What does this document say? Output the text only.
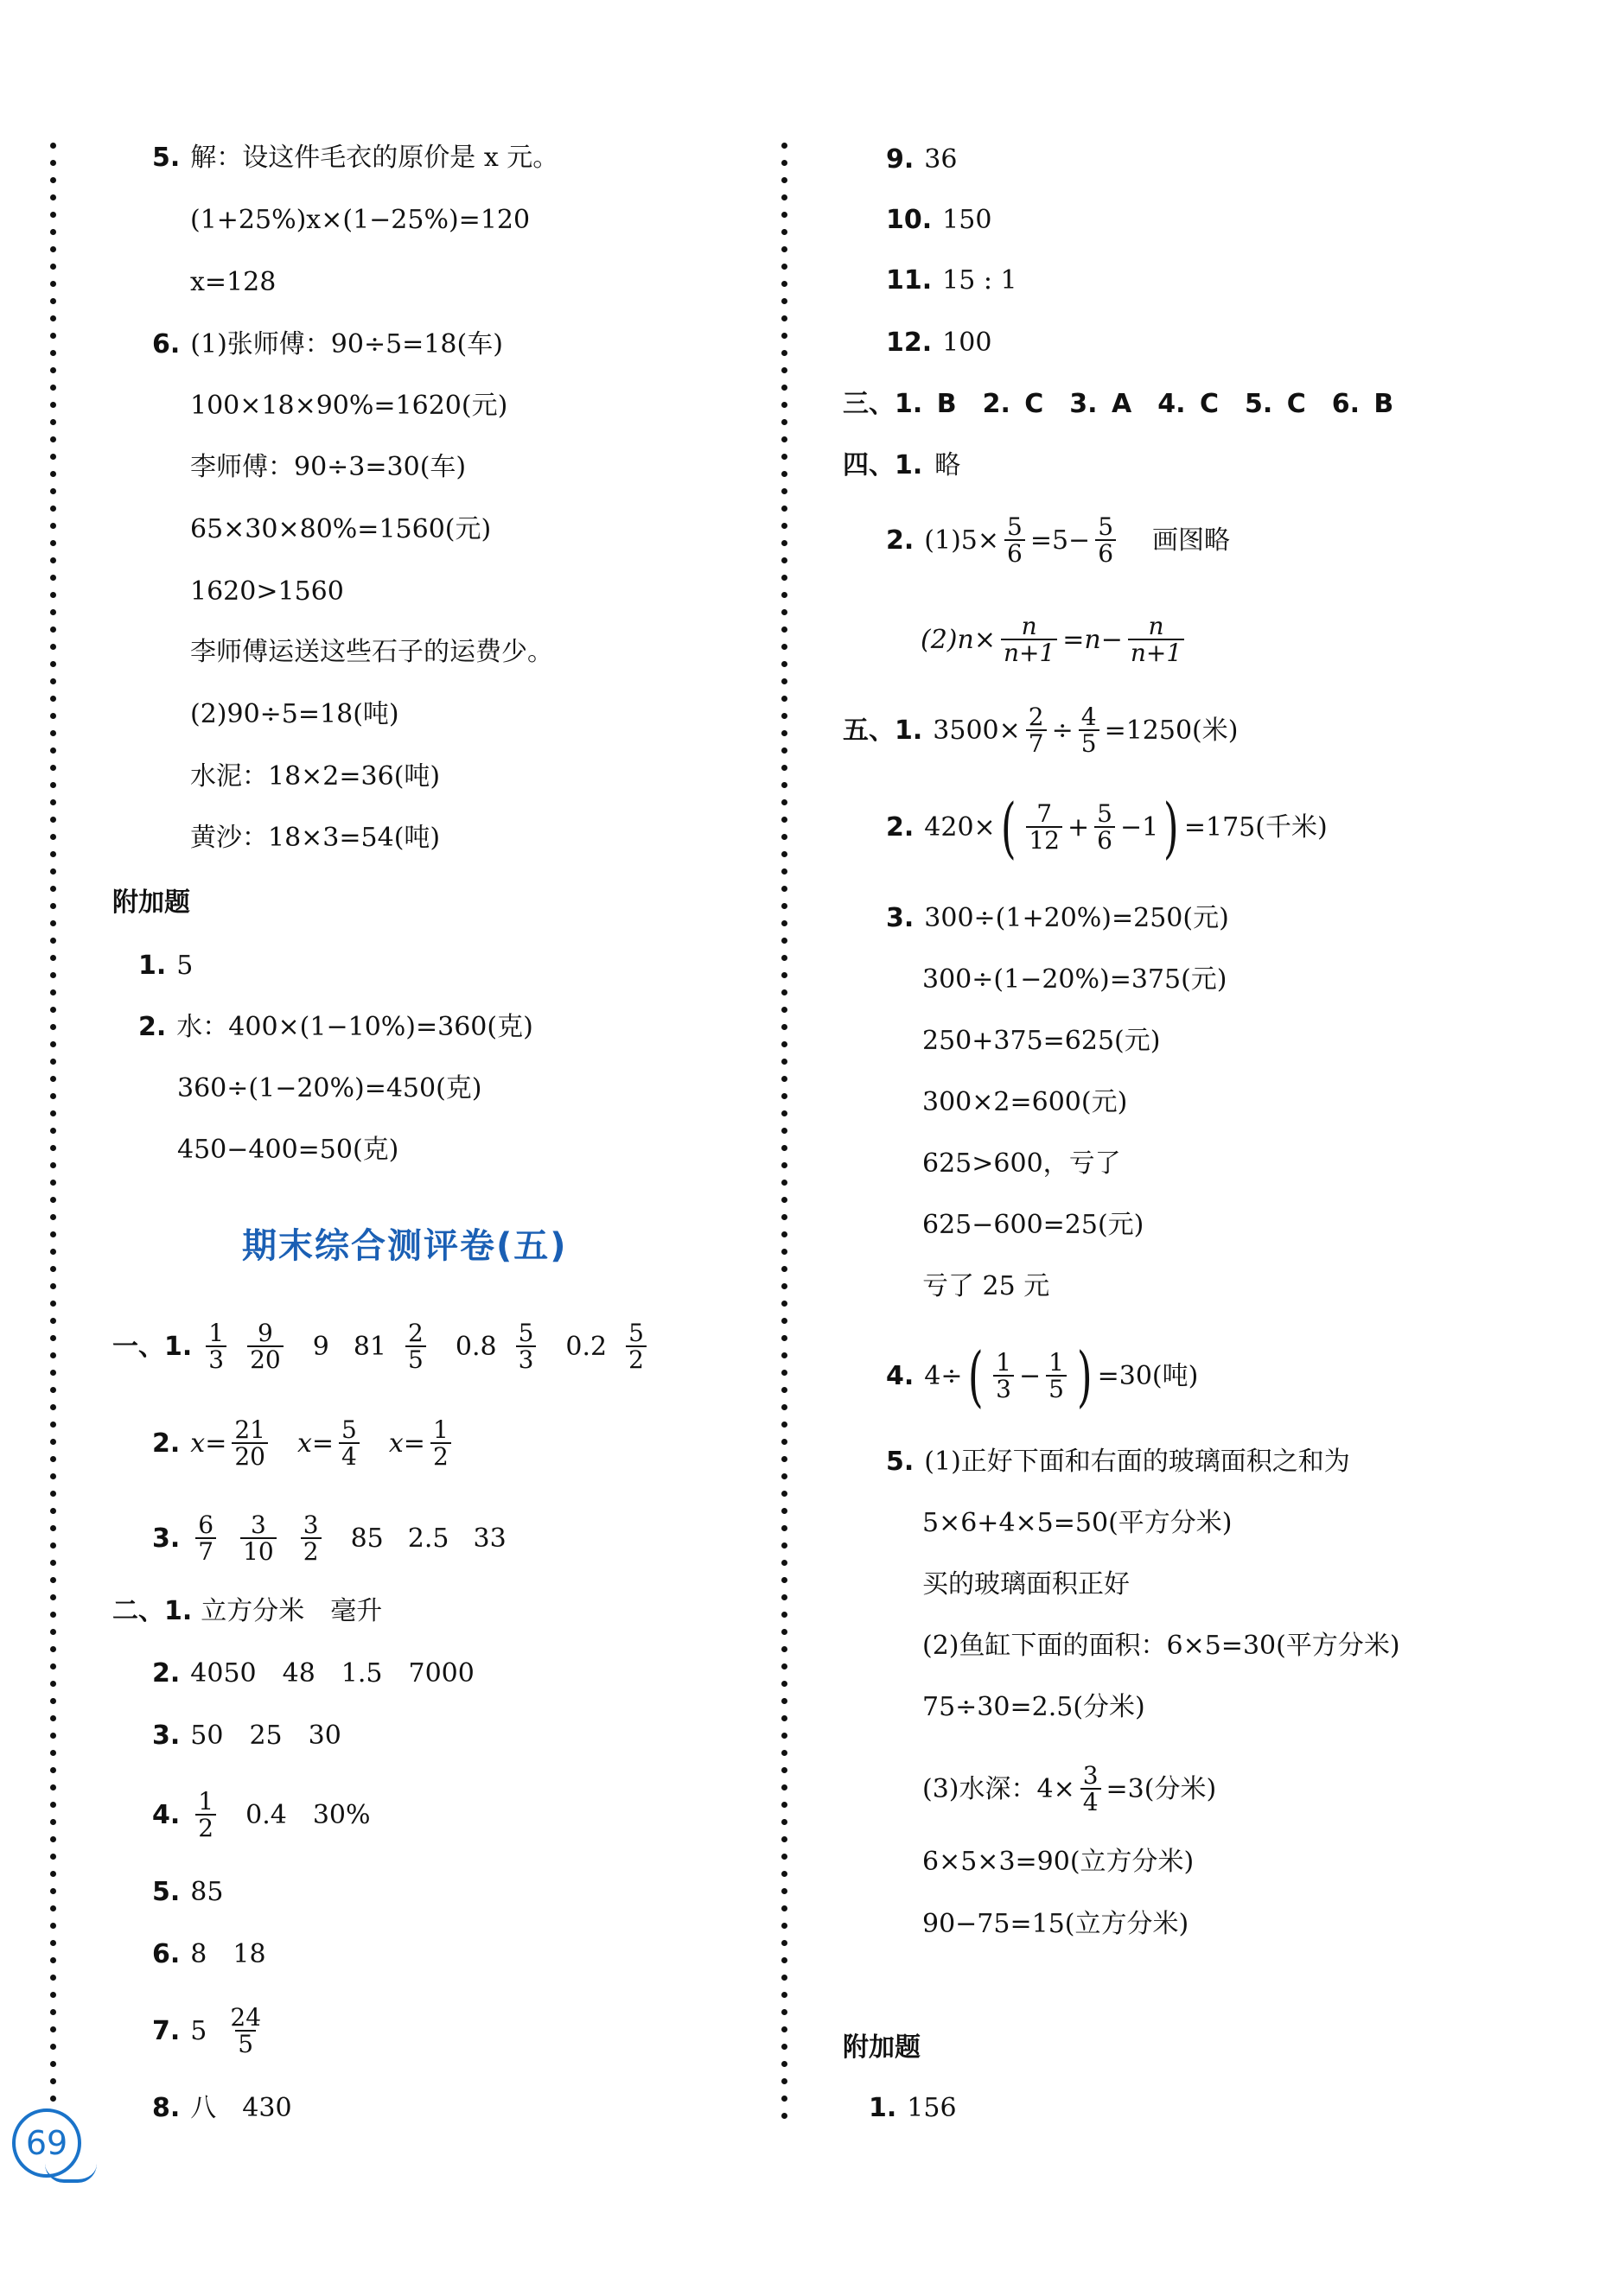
5. 解：设这件毛衣的原价是 x 元。
(1+25%)x×(1−25%)=120
x=128
6. (1)张师傅：90÷5=18(车)
100×18×90%=1620(元)
李师傅：90÷3=30(车)
65×30×80%=1560(元)
1620>1560
李师傅运送这些石子的运费少。
(2)90÷5=18(吨)
水泥：18×2=36(吨)
黄沙：18×3=54(吨)
附加题
1. 5
2. 水：400×(1−10%)=360(克)
360÷(1−20%)=450(克)
450−400=50(克)
一、1. $\frac{1}{3} \frac{9}{20} 9$ $81 \frac{2}{5} 0.8 \frac{5}{3} 0.2 \frac{5}{2}$
2. $x= \frac{21}{20} x= \frac{5}{4} x= \frac{1}{2}$
3. $\frac{6}{7} \frac{3}{10} \frac{3}{2} 85$ 2.5 33
二、1. 立方分米　毫升
2. 4050　48　1.5　7000
3. 50　25　30
4. $\frac{1}{2} 0.4$　30%
5. 85
6. 8　18
7. $5 \frac{24}{5}$
8. 八　430
期末综合测评卷(五)
9. 36
10. 150
11. 15 : 1
12. 100
三、1. B　2. C　3. A　4. C　5. C　6. B
四、1. 略
2. $(1)5\times \frac{5}{6} =5- \frac{5}{6}$ 画图略
$(2)n\times \frac{n}{n+1} =n- \frac{n}{n+1}$
五、1. $3500\times \frac{2}{7} \div \frac{4}{5} =1250$(米)
2. 420× ( $\frac{7}{12} + \frac{5}{6} -1$ ) =175(千米)
3. 300÷(1+20%)=250(元)
300÷(1−20%)=375(元)
250+375=625(元)
300×2=600(元)
625>600，亏了
625−600=25(元)
亏了 25 元
4. 4÷ ( $\frac{1}{3} - \frac{1}{5}$ ) =30(吨)
5. (1)正好下面和右面的玻璃面积之和为
5×6+4×5=50(平方分米)
买的玻璃面积正好
(2)鱼缸下面的面积：6×5=30(平方分米)
75÷30=2.5(分米)
(3)水深：$4\times \frac{3}{4} =3$(分米)
6×5×3=90(立方分米)
90−75=15(立方分米)
附加题
1. 156
69
